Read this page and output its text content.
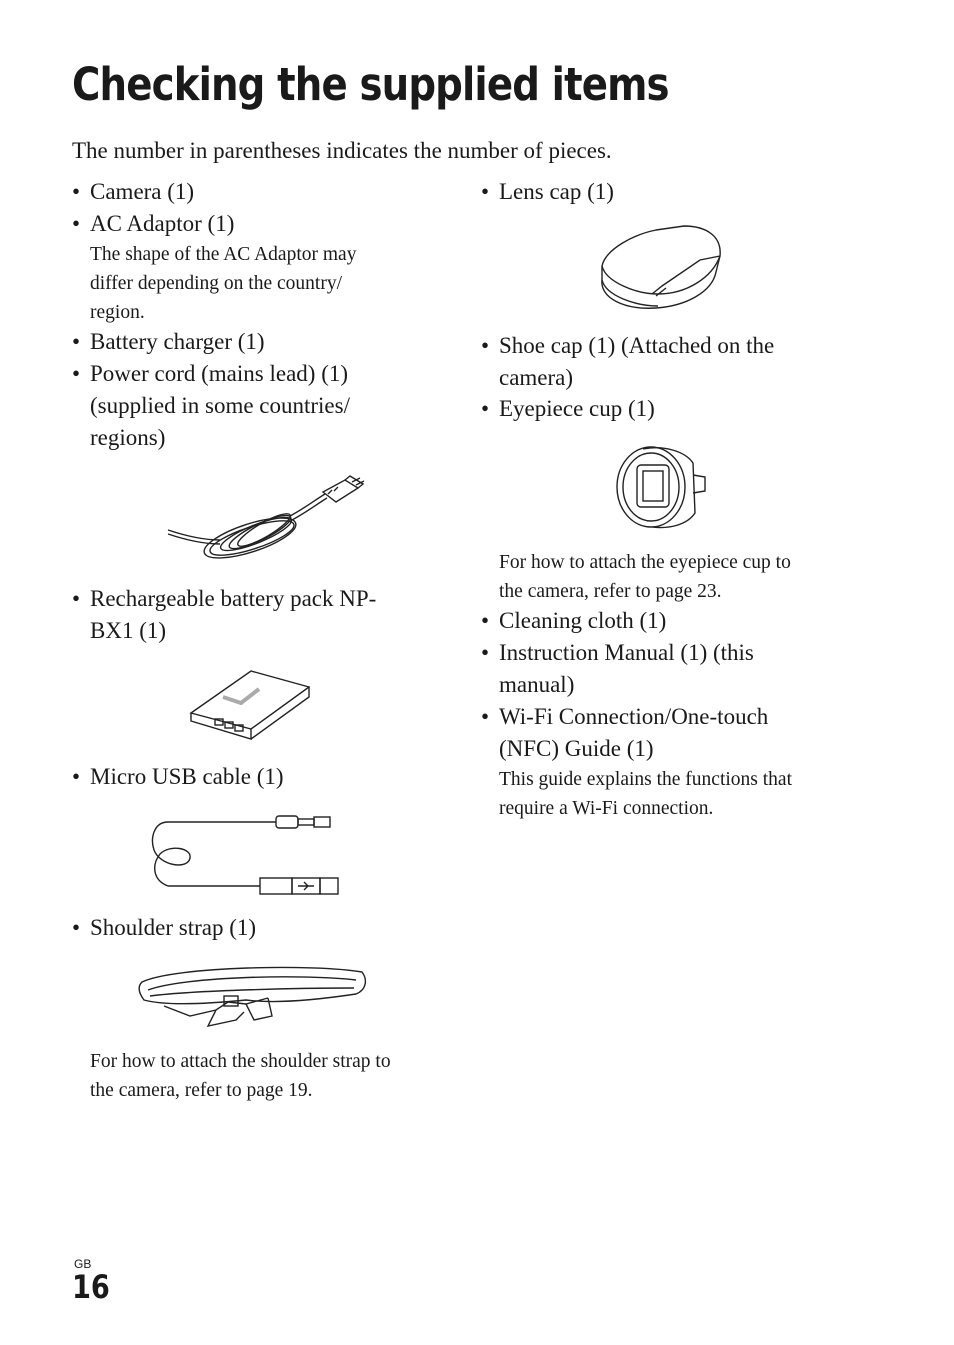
Checking the supplied items
The number in parentheses indicates the number of pieces.
• Camera (1)
• AC Adaptor (1)
The shape of the AC Adaptor may
differ depending on the country/
region.
• Battery charger (1)
• Power cord (mains lead) (1)
(supplied in some countries/
regions)
• Rechargeable battery pack NP-
BX1 (1)
• Micro USB cable (1)
• Shoulder strap (1)
For how to attach the shoulder strap to
the camera, refer to page 19.
• Lens cap (1)
• Shoe cap (1) (Attached on the
camera)
• Eyepiece cup (1)
For how to attach the eyepiece cup to
the camera, refer to page 23.
• Cleaning cloth (1)
• Instruction Manual (1) (this
manual)
• Wi-Fi Connection/One-touch
(NFC) Guide (1)
This guide explains the functions that
require a Wi-Fi connection.
GB
16
